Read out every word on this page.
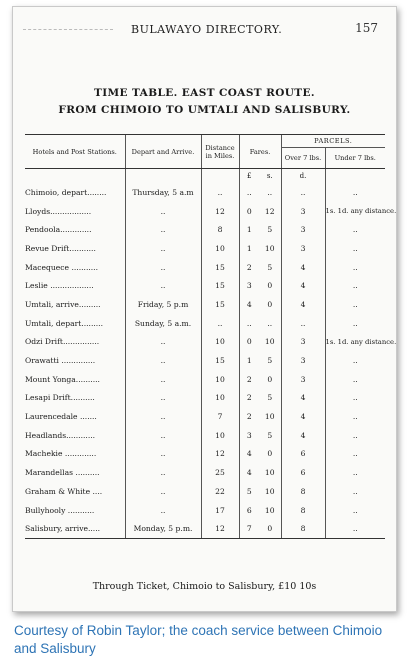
BULAWAYO DIRECTORY.	157
TIME TABLE. EAST COAST ROUTE.
FROM CHIMOIO TO UMTALI AND SALISBURY.
Hotels and Post Stations.	Depart and Arrive.	Distance in Miles.	Fares.		PARCELS.	
					Over 7 lbs.	Under 7 lbs.
			£	s.	d.	
Chimoio, depart........	Thursday, 5 a.m	..	..	..	..	..
Lloyds.................	..	12	0	12	3	1s. 1d. any distance.
Pendoola.............	..	8	1	5	3	..
Revue Drift...........	..	10	1	10	3	..
Macequece ...........	..	15	2	5	4	..
Leslie ..................	..	15	3	0	4	..
Umtali, arrive.........	Friday, 5 p.m	15	4	0	4	..
Umtali, depart.........	Sunday, 5 a.m.	..	..	..	..	..
Odzi Drift...............	..	10	0	10	3	1s. 1d. any distance.
Orawatti ..............	..	15	1	5	3	..
Mount Yonga..........	..	10	2	0	3	..
Lesapi Drift..........	..	10	2	5	4	..
Laurencedale .......	..	7	2	10	4	..
Headlands............	..	10	3	5	4	..
Machekie .............	..	12	4	0	6	..
Marandellas ..........	..	25	4	10	6	..
Graham & White ....	..	22	5	10	8	..
Bullyhooly ...........	..	17	6	10	8	..
Salisbury, arrive.....	Monday, 5 p.m.	12	7	0	8	..
Through Ticket, Chimoio to Salisbury, £10 10s
Courtesy of Robin Taylor; the coach service between Chimoio and Salisbury
